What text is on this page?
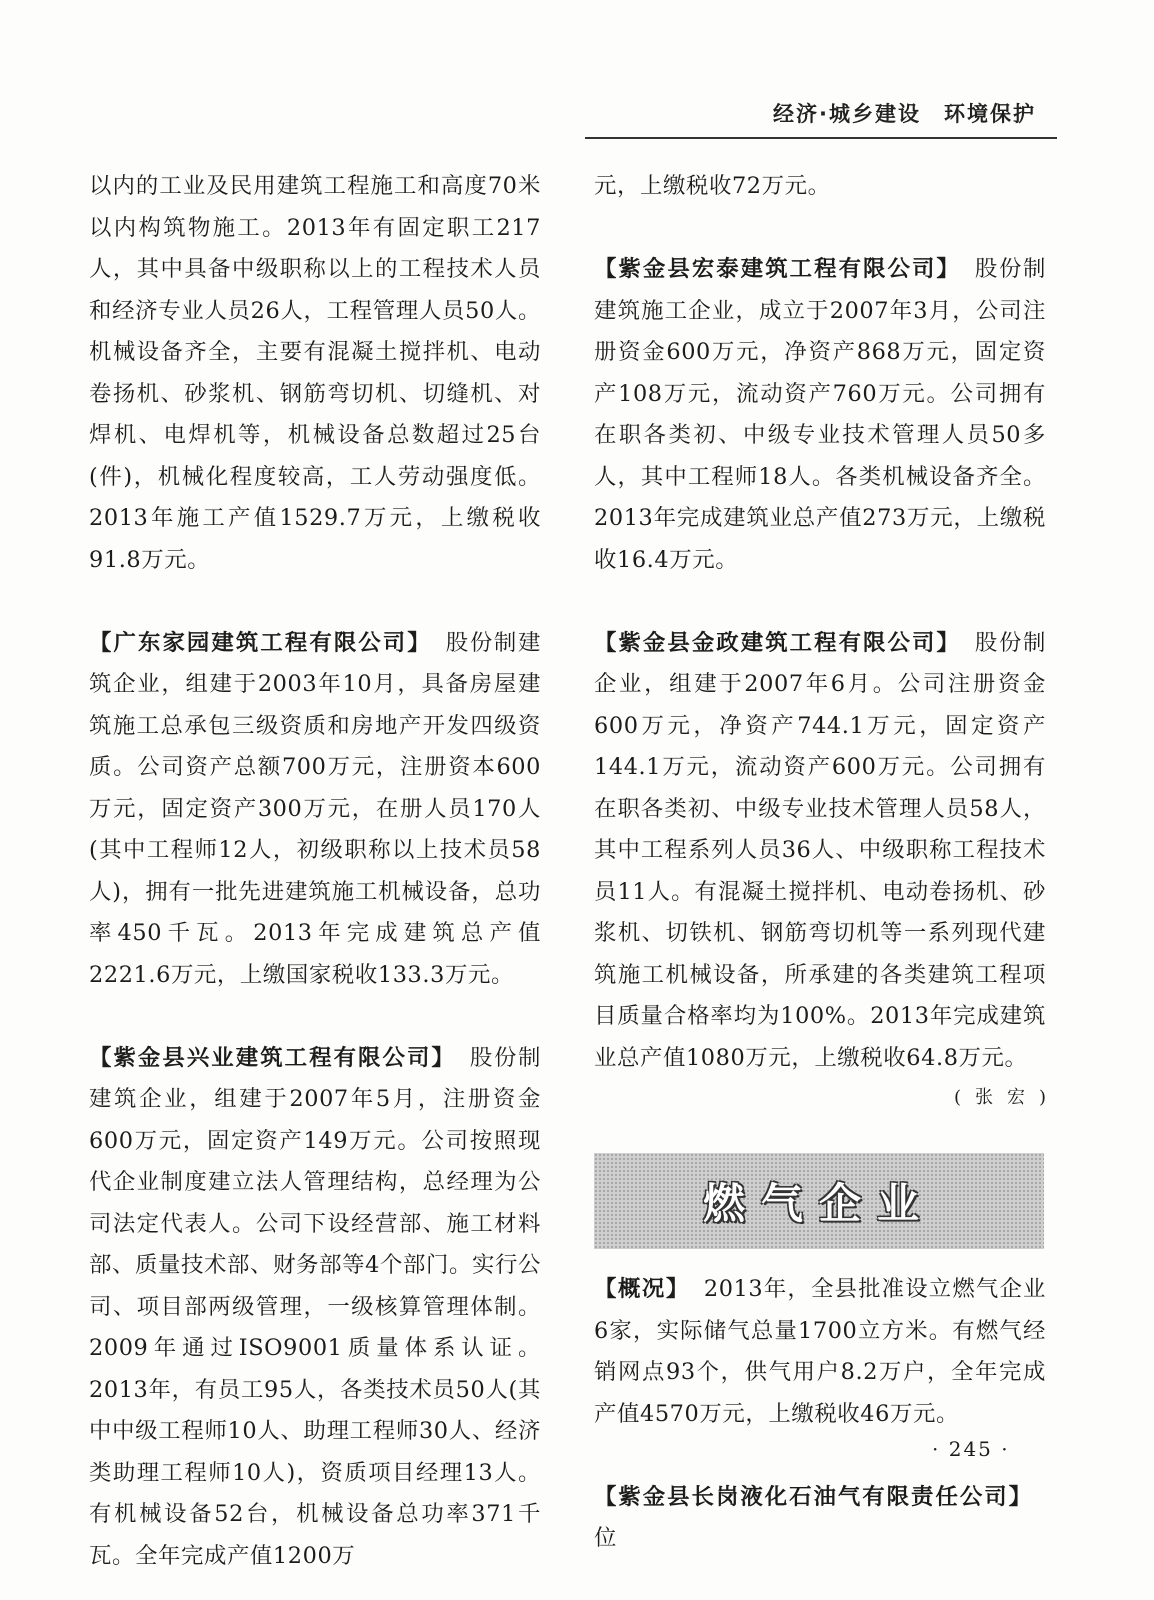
经济·城乡建设　环境保护

以内的工业及民用建筑工程施工和高度70米以内构筑物施工。2013年有固定职工217人，其中具备中级职称以上的工程技术人员和经济专业人员26人，工程管理人员50人。机械设备齐全，主要有混凝土搅拌机、电动卷扬机、砂浆机、钢筋弯切机、切缝机、对焊机、电焊机等，机械设备总数超过25台(件)，机械化程度较高，工人劳动强度低。2013年施工产值1529.7万元，上缴税收91.8万元。

【广东家园建筑工程有限公司】 股份制建筑企业，组建于2003年10月，具备房屋建筑施工总承包三级资质和房地产开发四级资质。公司资产总额700万元，注册资本600万元，固定资产300万元，在册人员170人(其中工程师12人，初级职称以上技术员58人)，拥有一批先进建筑施工机械设备，总功率450千瓦。2013年完成建筑总产值2221.6万元，上缴国家税收133.3万元。

【紫金县兴业建筑工程有限公司】 股份制建筑企业，组建于2007年5月，注册资金600万元，固定资产149万元。公司按照现代企业制度建立法人管理结构，总经理为公司法定代表人。公司下设经营部、施工材料部、质量技术部、财务部等4个部门。实行公司、项目部两级管理，一级核算管理体制。2009年通过ISO9001质量体系认证。2013年，有员工95人，各类技术员50人(其中中级工程师10人、助理工程师30人、经济类助理工程师10人)，资质项目经理13人。有机械设备52台，机械设备总功率371千瓦。全年完成产值1200万

元，上缴税收72万元。

【紫金县宏泰建筑工程有限公司】 股份制建筑施工企业，成立于2007年3月，公司注册资金600万元，净资产868万元，固定资产108万元，流动资产760万元。公司拥有在职各类初、中级专业技术管理人员50多人，其中工程师18人。各类机械设备齐全。2013年完成建筑业总产值273万元，上缴税收16.4万元。

【紫金县金政建筑工程有限公司】 股份制企业，组建于2007年6月。公司注册资金600万元，净资产744.1万元，固定资产144.1万元，流动资产600万元。公司拥有在职各类初、中级专业技术管理人员58人，其中工程系列人员36人、中级职称工程技术员11人。有混凝土搅拌机、电动卷扬机、砂浆机、切铁机、钢筋弯切机等一系列现代建筑施工机械设备，所承建的各类建筑工程项目质量合格率均为100%。2013年完成建筑业总产值1080万元，上缴税收64.8万元。

(张宏)
燃气企业

【概况】 2013年，全县批准设立燃气企业6家，实际储气总量1700立方米。有燃气经销网点93个，供气用户8.2万户，全年完成产值4570万元，上缴税收46万元。

【紫金县长岗液化石油气有限责任公司】位

· 245 ·
